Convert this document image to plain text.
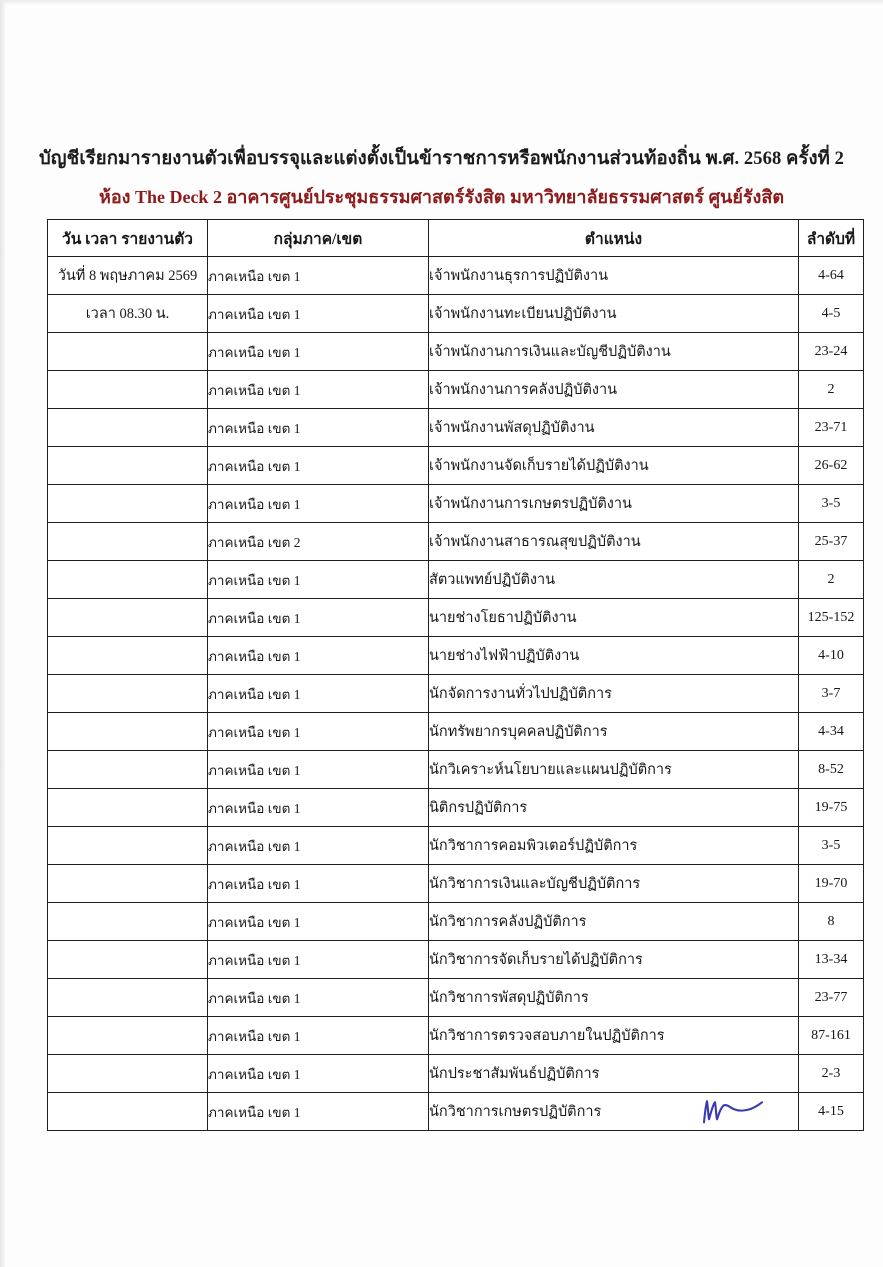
บัญชีเรียกมารายงานตัวเพื่อบรรจุและแต่งตั้งเป็นข้าราชการหรือพนักงานส่วนท้องถิ่น พ.ศ. 2568 ครั้งที่ 2
ห้อง The Deck 2 อาคารศูนย์ประชุมธรรมศาสตร์รังสิต มหาวิทยาลัยธรรมศาสตร์ ศูนย์รังสิต
วัน เวลา รายงานตัว	กลุ่มภาค/เขต	ตำแหน่ง	ลำดับที่
วันที่ 8 พฤษภาคม 2569	ภาคเหนือ เขต 1	เจ้าพนักงานธุรการปฏิบัติงาน	4-64
เวลา 08.30 น.	ภาคเหนือ เขต 1	เจ้าพนักงานทะเบียนปฏิบัติงาน	4-5
	ภาคเหนือ เขต 1	เจ้าพนักงานการเงินและบัญชีปฏิบัติงาน	23-24
	ภาคเหนือ เขต 1	เจ้าพนักงานการคลังปฏิบัติงาน	2
	ภาคเหนือ เขต 1	เจ้าพนักงานพัสดุปฏิบัติงาน	23-71
	ภาคเหนือ เขต 1	เจ้าพนักงานจัดเก็บรายได้ปฏิบัติงาน	26-62
	ภาคเหนือ เขต 1	เจ้าพนักงานการเกษตรปฏิบัติงาน	3-5
	ภาคเหนือ เขต 2	เจ้าพนักงานสาธารณสุขปฏิบัติงาน	25-37
	ภาคเหนือ เขต 1	สัตวแพทย์ปฏิบัติงาน	2
	ภาคเหนือ เขต 1	นายช่างโยธาปฏิบัติงาน	125-152
	ภาคเหนือ เขต 1	นายช่างไฟฟ้าปฏิบัติงาน	4-10
	ภาคเหนือ เขต 1	นักจัดการงานทั่วไปปฏิบัติการ	3-7
	ภาคเหนือ เขต 1	นักทรัพยากรบุคคลปฏิบัติการ	4-34
	ภาคเหนือ เขต 1	นักวิเคราะห์นโยบายและแผนปฏิบัติการ	8-52
	ภาคเหนือ เขต 1	นิติกรปฏิบัติการ	19-75
	ภาคเหนือ เขต 1	นักวิชาการคอมพิวเตอร์ปฏิบัติการ	3-5
	ภาคเหนือ เขต 1	นักวิชาการเงินและบัญชีปฏิบัติการ	19-70
	ภาคเหนือ เขต 1	นักวิชาการคลังปฏิบัติการ	8
	ภาคเหนือ เขต 1	นักวิชาการจัดเก็บรายได้ปฏิบัติการ	13-34
	ภาคเหนือ เขต 1	นักวิชาการพัสดุปฏิบัติการ	23-77
	ภาคเหนือ เขต 1	นักวิชาการตรวจสอบภายในปฏิบัติการ	87-161
	ภาคเหนือ เขต 1	นักประชาสัมพันธ์ปฏิบัติการ	2-3
	ภาคเหนือ เขต 1	นักวิชาการเกษตรปฏิบัติการ	4-15
